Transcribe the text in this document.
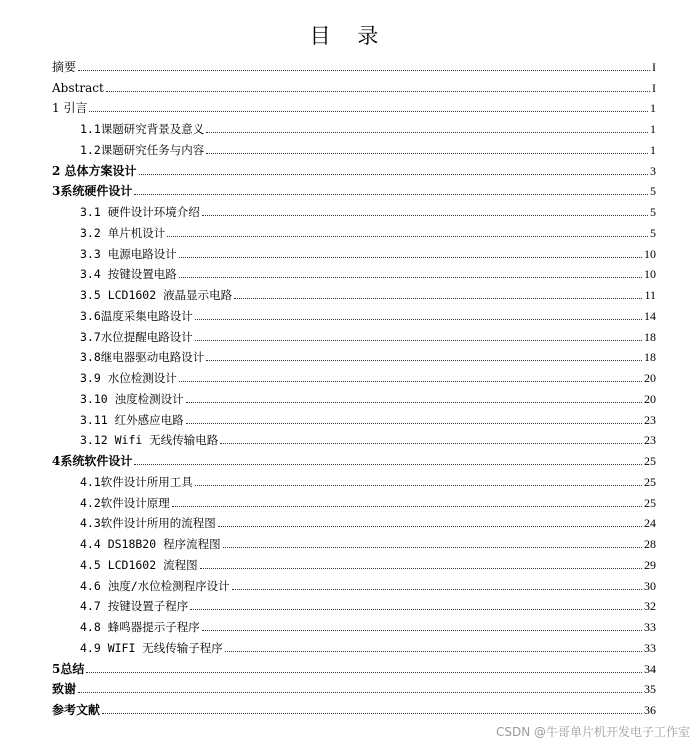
目 录
摘要	I
Abstract	I
1 引言	1
1.1课题研究背景及意义	1
1.2课题研究任务与内容	1
2 总体方案设计	3
3系统硬件设计	5
3.1 硬件设计环境介绍	5
3.2 单片机设计	5
3.3 电源电路设计	10
3.4 按键设置电路	10
3.5 LCD1602 液晶显示电路	11
3.6温度采集电路设计	14
3.7水位提醒电路设计	18
3.8继电器驱动电路设计	18
3.9 水位检测设计	20
3.10 浊度检测设计	20
3.11 红外感应电路	23
3.12 Wifi 无线传输电路	23
4系统软件设计	25
4.1软件设计所用工具	25
4.2软件设计原理	25
4.3软件设计所用的流程图	24
4.4 DS18B20 程序流程图	28
4.5 LCD1602 流程图	29
4.6 浊度/水位检测程序设计	30
4.7 按键设置子程序	32
4.8 蜂鸣器提示子程序	33
4.9 WIFI 无线传输子程序	33
5总结	34
致谢	35
参考文献	36
CSDN @牛哥单片机开发电子工作室
